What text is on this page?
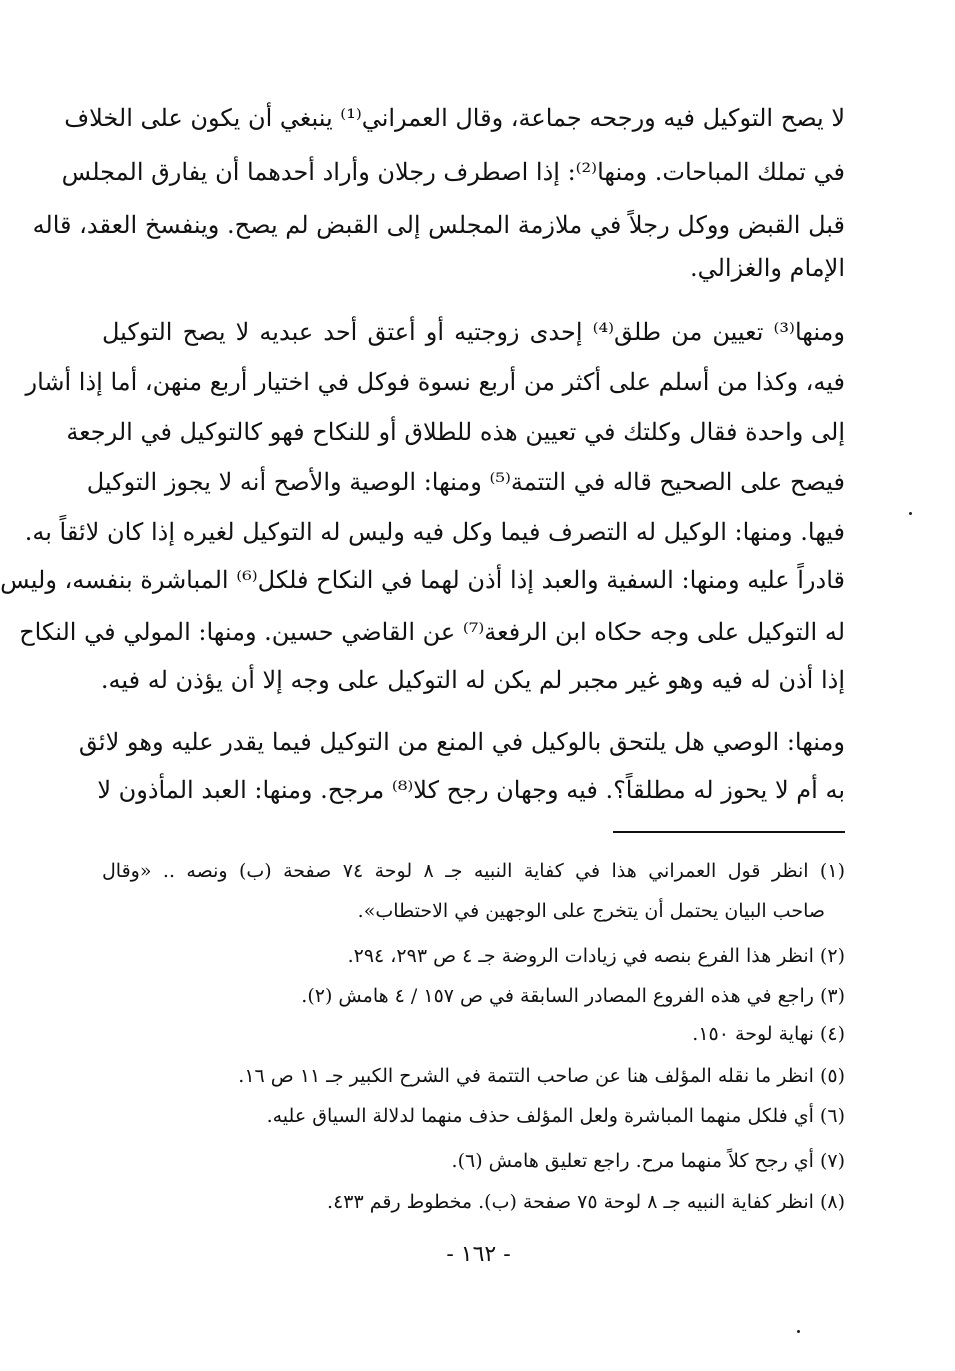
لا يصح التوكيل فيه ورجحه جماعة، وقال العمراني⁽¹⁾ ينبغي أن يكون على الخلاف
في تملك المباحات. ومنها⁽²⁾: إذا اصطرف رجلان وأراد أحدهما أن يفارق المجلس
قبل القبض ووكل رجلاً في ملازمة المجلس إلى القبض لم يصح. وينفسخ العقد، قاله
الإمام والغزالي.
ومنها⁽³⁾ تعيين من طلق⁽⁴⁾ إحدى زوجتيه أو أعتق أحد عبديه لا يصح التوكيل
فيه، وكذا من أسلم على أكثر من أربع نسوة فوكل في اختيار أربع منهن، أما إذا أشار
إلى واحدة فقال وكلتك في تعيين هذه للطلاق أو للنكاح فهو كالتوكيل في الرجعة
فيصح على الصحيح قاله في التتمة⁽⁵⁾ ومنها: الوصية والأصح أنه لا يجوز التوكيل
فيها. ومنها: الوكيل له التصرف فيما وكل فيه وليس له التوكيل لغيره إذا كان لائقاً به.
قادراً عليه ومنها: السفية والعبد إذا أذن لهما في النكاح فلكل⁽⁶⁾ المباشرة بنفسه، وليس
له التوكيل على وجه حكاه ابن الرفعة⁽⁷⁾ عن القاضي حسين. ومنها: المولي في النكاح
إذا أذن له فيه وهو غير مجبر لم يكن له التوكيل على وجه إلا أن يؤذن له فيه.
ومنها: الوصي هل يلتحق بالوكيل في المنع من التوكيل فيما يقدر عليه وهو لائق
به أم لا يحوز له مطلقاً؟. فيه وجهان رجح كلا⁽⁸⁾ مرجح. ومنها: العبد المأذون لا
(١) انظر قول العمراني هذا في كفاية النبيه جـ ٨ لوحة ٧٤ صفحة (ب) ونصه .. «وقال
صاحب البيان يحتمل أن يتخرج على الوجهين في الاحتطاب».
(٢) انظر هذا الفرع بنصه في زيادات الروضة جـ ٤ ص ٢٩٣، ٢٩٤.
(٣) راجع في هذه الفروع المصادر السابقة في ص ١٥٧ / ٤ هامش (٢).
(٤) نهاية لوحة ١٥٠.
(٥) انظر ما نقله المؤلف هنا عن صاحب التتمة في الشرح الكبير جـ ١١ ص ١٦.
(٦) أي فلكل منهما المباشرة ولعل المؤلف حذف منهما لدلالة السياق عليه.
(٧) أي رجح كلاً منهما مرح. راجع تعليق هامش (٦).
(٨) انظر كفاية النبيه جـ ٨ لوحة ٧٥ صفحة (ب). مخطوط رقم ٤٣٣.
- ١٦٢ -
